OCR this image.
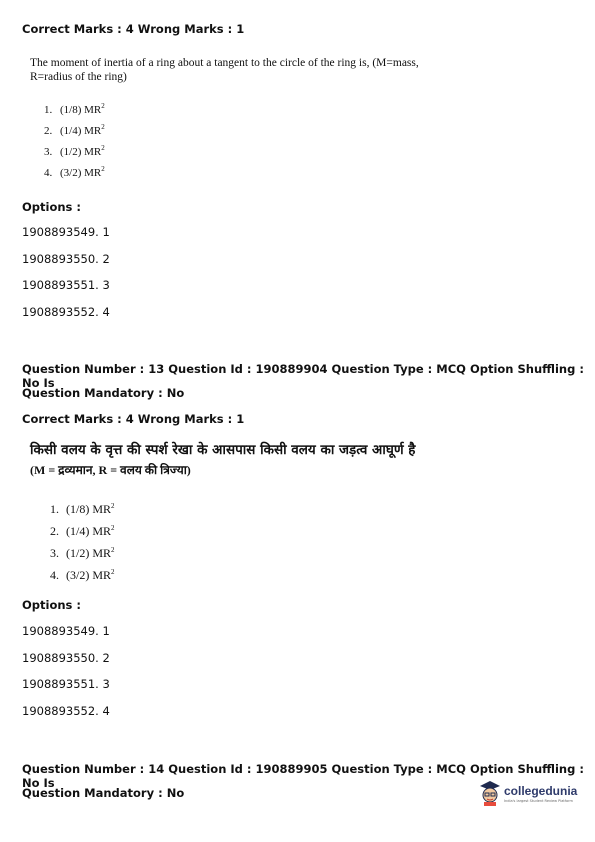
Correct Marks : 4 Wrong Marks : 1
The moment of inertia of a ring about a tangent to the circle of the ring is, (M=mass, R=radius of the ring)
1. (1/8) $MR^2$
2. (1/4) $MR^2$
3. (1/2) $MR^2$
4. (3/2) $MR^2$
Options :
1908893549. 1
1908893550. 2
1908893551. 3
1908893552. 4
Question Number : 13 Question Id : 190889904 Question Type : MCQ Option Shuffling : No Is
Question Mandatory : No
Correct Marks : 4 Wrong Marks : 1
किसी वलय के वृत्त की स्पर्श रेखा के आसपास किसी वलय का जड़त्व आघूर्ण है
(M = द्रव्यमान, R = वलय की त्रिज्या)
1. (1/8) $MR^2$
2. (1/4) $MR^2$
3. (1/2) $MR^2$
4. (3/2) $MR^2$
Options :
1908893549. 1
1908893550. 2
1908893551. 3
1908893552. 4
Question Number : 14 Question Id : 190889905 Question Type : MCQ Option Shuffling : No Is
Question Mandatory : No	collegedunia
India's largest Student Review Platform
